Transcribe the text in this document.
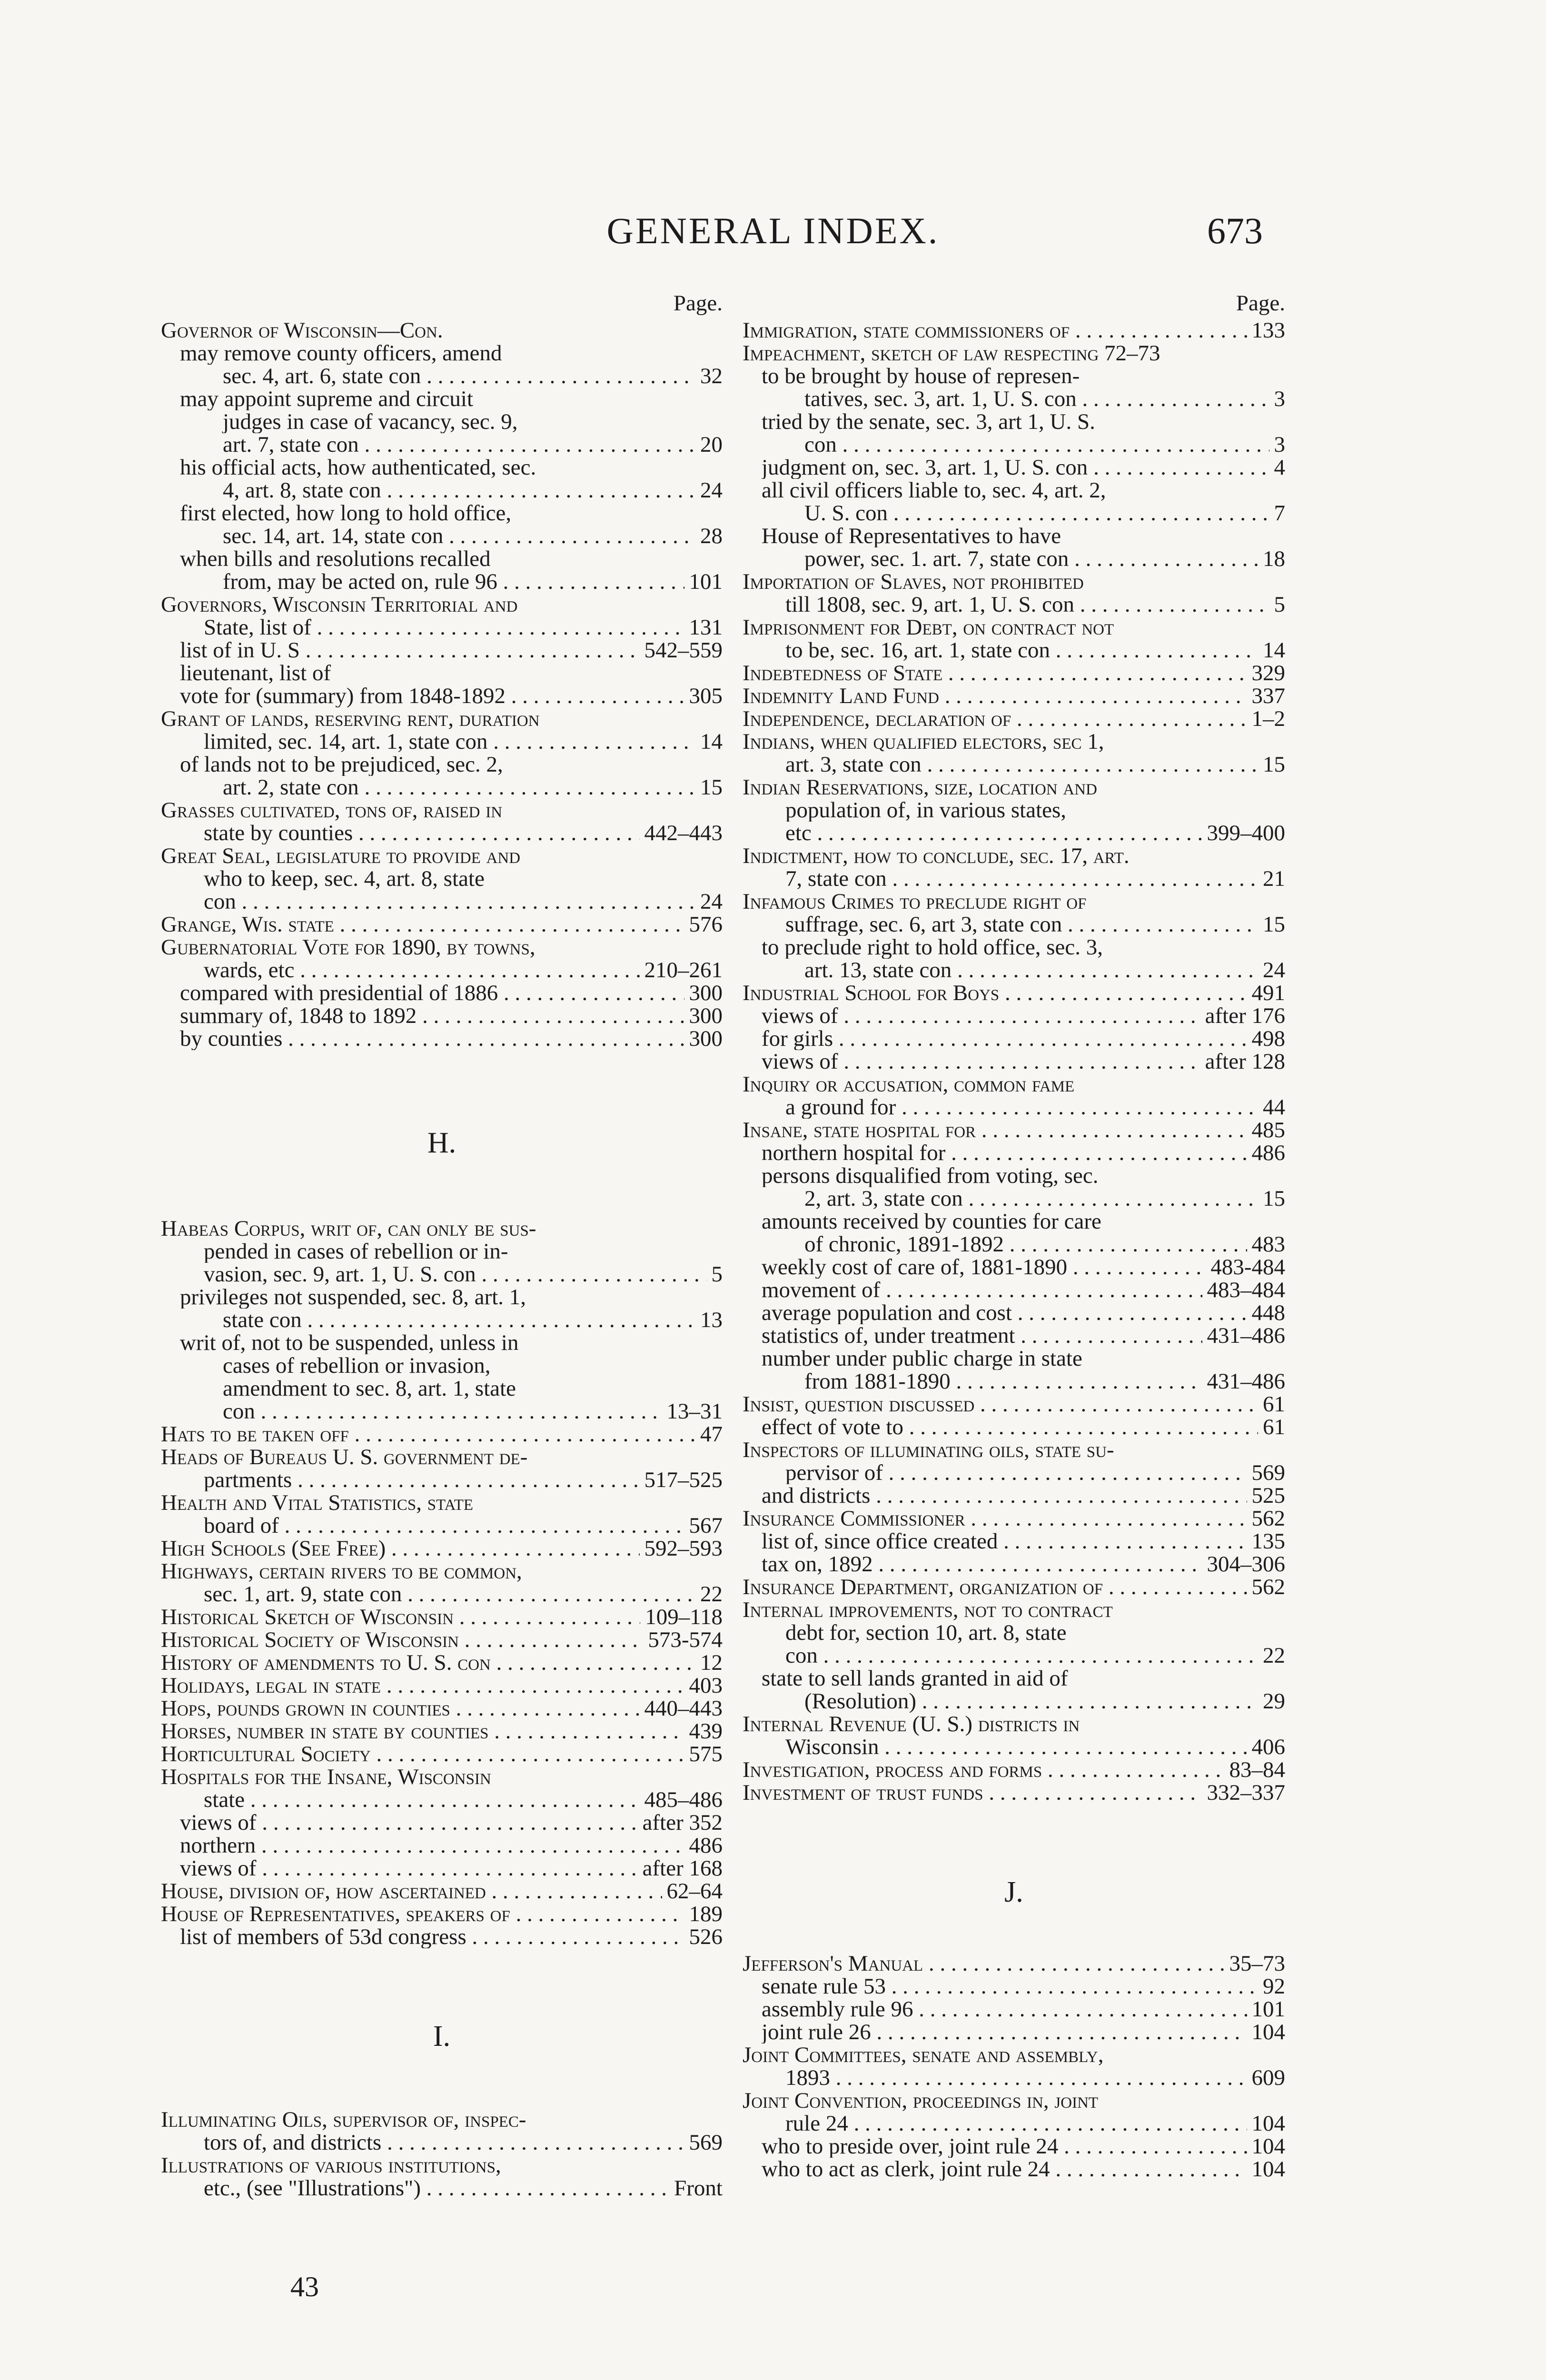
GENERAL INDEX.	673
Page.
Governor of Wisconsin—Con.
may remove county officers, amend
sec. 4, art. 6, state con . . .	32
may appoint supreme and circuit
judges in case of vacancy, sec. 9,
art. 7, state con . . .	20
his official acts, how authenticated, sec.
4, art. 8, state con . . .	24
first elected, how long to hold office,
sec. 14, art. 14, state con . . .	28
when bills and resolutions recalled
from, may be acted on, rule 96 . . .	101
Governors, Wisconsin Territorial and
State, list of . . .	131
list of in U. S . . .	542–559
lieutenant, list of
vote for (summary) from 1848-1892 . . .	305
Grant of lands, reserving rent, duration
limited, sec. 14, art. 1, state con . . .	14
of lands not to be prejudiced, sec. 2,
art. 2, state con . . .	15
Grasses cultivated, tons of, raised in
state by counties . . .	442–443
Great Seal, legislature to provide and
who to keep, sec. 4, art. 8, state
con . . .	24
Grange, Wis. state . . .	576
Gubernatorial Vote for 1890, by towns,
wards, etc . . .	210–261
compared with presidential of 1886 . . .	300
summary of, 1848 to 1892 . . .	300
by counties . . .	300
H.
Habeas Corpus, writ of, can only be sus-
pended in cases of rebellion or in-
vasion, sec. 9, art. 1, U. S. con . . .	5
privileges not suspended, sec. 8, art. 1,
state con . . .	13
writ of, not to be suspended, unless in
cases of rebellion or invasion,
amendment to sec. 8, art. 1, state
con . . .	13–31
Hats to be taken off . . .	47
Heads of Bureaus U. S. government de-
partments . . .	517–525
Health and Vital Statistics, state
board of . . .	567
High Schools (See Free) . . .	592–593
Highways, certain rivers to be common,
sec. 1, art. 9, state con . . .	22
Historical Sketch of Wisconsin . . .	109–118
Historical Society of Wisconsin . . .	573-574
History of amendments to U. S. con . . .	12
Holidays, legal in state . . .	403
Hops, pounds grown in counties . . .	440–443
Horses, number in state by counties . . .	439
Horticultural Society . . .	575
Hospitals for the Insane, Wisconsin
state . . .	485–486
views of . . .	after 352
northern . . .	486
views of . . .	after 168
House, division of, how ascertained . . .	62–64
House of Representatives, speakers of . . .	189
list of members of 53d congress . . .	526
I.
Illuminating Oils, supervisor of, inspec-
tors of, and districts . . .	569
Illustrations of various institutions,
etc., (see "Illustrations") . . .	Front
Page.
Immigration, state commissioners of . . .	133
Impeachment, sketch of law respecting 72–73
to be brought by house of represen-
tatives, sec. 3, art. 1, U. S. con . . .	3
tried by the senate, sec. 3, art 1, U. S.
con . . .	3
judgment on, sec. 3, art. 1, U. S. con . . .	4
all civil officers liable to, sec. 4, art. 2,
U. S. con . . .	7
House of Representatives to have
power, sec. 1. art. 7, state con . . .	18
Importation of Slaves, not prohibited
till 1808, sec. 9, art. 1, U. S. con . . .	5
Imprisonment for Debt, on contract not
to be, sec. 16, art. 1, state con . . .	14
Indebtedness of State . . .	329
Indemnity Land Fund . . .	337
Independence, declaration of . . .	1–2
Indians, when qualified electors, sec 1,
art. 3, state con . . .	15
Indian Reservations, size, location and
population of, in various states,
etc . . .	399–400
Indictment, how to conclude, sec. 17, art.
7, state con . . .	21
Infamous Crimes to preclude right of
suffrage, sec. 6, art 3, state con . . .	15
to preclude right to hold office, sec. 3,
art. 13, state con . . .	24
Industrial School for Boys . . .	491
views of . . .	after 176
for girls . . .	498
views of . . .	after 128
Inquiry or accusation, common fame
a ground for . . .	44
Insane, state hospital for . . .	485
northern hospital for . . .	486
persons disqualified from voting, sec.
2, art. 3, state con . . .	15
amounts received by counties for care
of chronic, 1891-1892 . . .	483
weekly cost of care of, 1881-1890 . . .	483-484
movement of . . .	483–484
average population and cost . . .	448
statistics of, under treatment . . .	431–486
number under public charge in state
from 1881-1890 . . .	431–486
Insist, question discussed . . .	61
effect of vote to . . .	61
Inspectors of illuminating oils, state su-
pervisor of . . .	569
and districts . . .	525
Insurance Commissioner . . .	562
list of, since office created . . .	135
tax on, 1892 . . .	304–306
Insurance Department, organization of . . .	562
Internal improvements, not to contract
debt for, section 10, art. 8, state
con . . .	22
state to sell lands granted in aid of
(Resolution) . . .	29
Internal Revenue (U. S.) districts in
Wisconsin . . .	406
Investigation, process and forms . . .	83–84
Investment of trust funds . . .	332–337
J.
Jefferson's Manual . . .	35–73
senate rule 53 . . .	92
assembly rule 96 . . .	101
joint rule 26 . . .	104
Joint Committees, senate and assembly,
1893 . . .	609
Joint Convention, proceedings in, joint
rule 24 . . .	104
who to preside over, joint rule 24 . . .	104
who to act as clerk, joint rule 24 . . .	104
43
